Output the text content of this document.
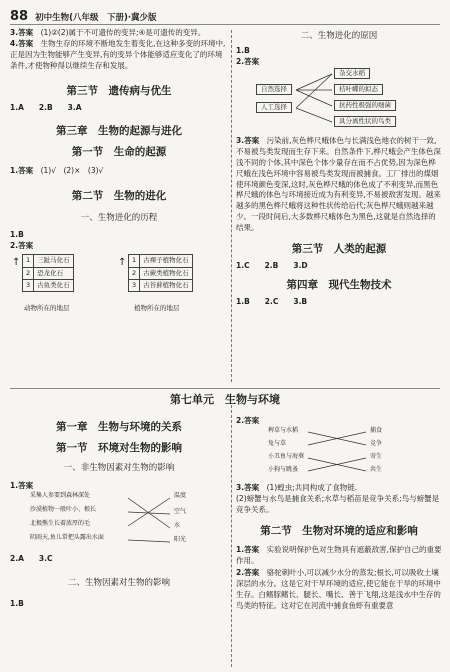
88 初中生物(八年级　下册)·冀少版

3.答案　 (1)②(2)属于不可遗传的变异;④是可遗传的变异。

4.答案　 生物生存的环境不断地发生着变化,在这种多变的环境中,正是因为生物能够产生变异,有的变异个体能够适应变化了的环境条件,才使物种得以继续生存和发展。

第三节　遗传病与优生

1.A　　2.B　　3.A

第三章　生物的起源与进化

第一节　生命的起源

1.答案　 (1)√　(2)×　(3)√

第二节　生物的进化

一、生物进化的历程

1.B

2.答案

↑ 1	三趾马化石
2	恐龙化石
3	古鱼类化石
↑ 1	古裸子植物化石
2	古蕨类植物化石
3	古苔藓植物化石
动物所在的地层	植物所在的地层

二、生物进化的原因

1.B

2.答案

自然选择
人工选择
杂交水稻
桔叶蝶的拟态
抗药性极强的细菌
具分离性状的鸟类

3.答案　 污染前,灰色桦尺蛾体色与长满浅色地衣的树干一致,不易被鸟类发现而生存下来。自然条件下,桦尺蛾会产生体色深浅不同的个体,其中深色个体少量存在而不占优势,因为深色桦尺蛾在浅色环境中容易被鸟类发现而被捕食。工厂排出的煤烟使环境颜色变深,这时,灰色桦尺蛾的体色成了不利变异,而黑色桦尺蛾的体色与环境接近成为有利变异,不易被敌害发现。越来越多的黑色桦尺蛾将这种性状传给后代;灰色桦尺蛾则越来越少。一段时间后,大多数桦尺蛾体色为黑色,这就是自然选择的结果。

第三节　人类的起源

1.C　　2.B　　3.D

第四章　现代生物技术

1.B　　2.C　　3.B

第七单元　生物与环境

第一章　生物与环境的关系

第一节　环境对生物的影响

一、非生物因素对生物的影响

1.答案

采集人参要到森林深处
沙漠植物一般叶小、根长
北极熊生长着浓厚的毛
阴雨天,鱼儿常把头露出水面
温度
空气
水
阳光

2.A　　3.C

二、生物因素对生物的影响

1.B

2.答案

稗草与水稻
兔与草
小丑鱼与海葵
小狗与跳蚤
捕食
竞争
寄生
共生

3.答案　 (1)蝗虫;共同构成了食物链.

(2)螃蟹与水鸟是捕食关系;水草与稻苗是竞争关系;鸟与螃蟹是竞争关系。

第二节　生物对环境的适应和影响

1.答案　 实验说明保护色对生物具有遮蔽敌害,保护自己的重要作用。

2.答案　 骆驼刺叶小,可以减少水分的蒸发;根长,可以吸收土壤深层的水分。这是它对干旱环境的适应,使它能在干旱的环境中生存。白鳍豚鳍长、腿长、嘴长、善于飞翔,这是浅水中生存的鸟类的特征。这对它在河流中捕食鱼虾有重要意
